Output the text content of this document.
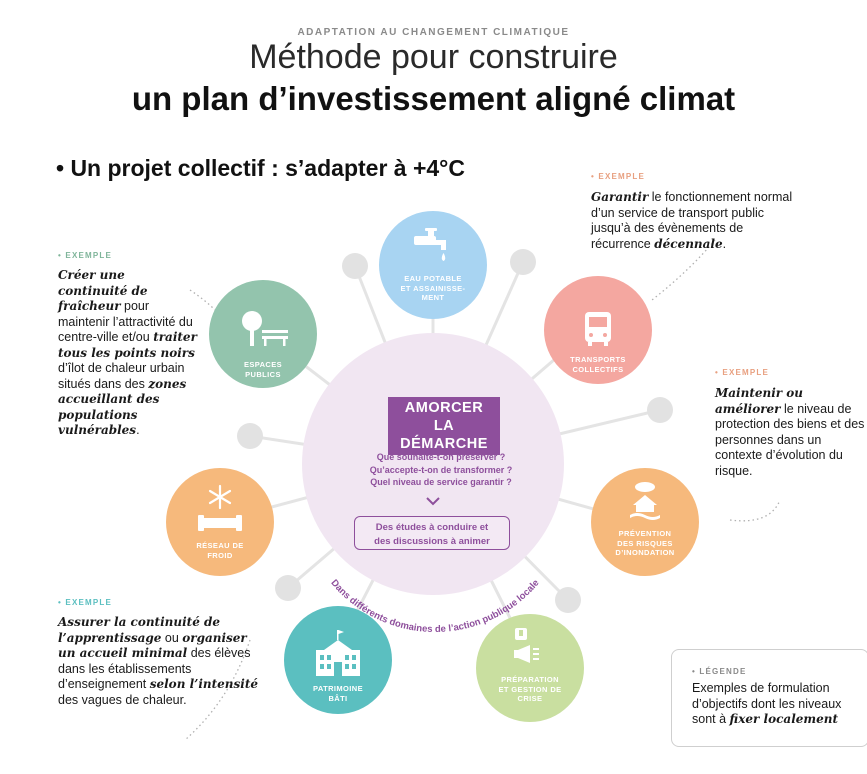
ADAPTATION AU CHANGEMENT CLIMATIQUE
Méthode pour construire
un plan d’investissement aligné climat
• Un projet collectif : s’adapter à +4°C
Dans différents domaines de l’action publique locale
EAU POTABLE
ET ASSAINISSE-
MENT
TRANSPORTS
COLLECTIFS
PRÉVENTION
DES RISQUES
D’INONDATION
PRÉPARATION
ET GESTION DE
CRISE
PATRIMOINE
BÂTI
RÉSEAU DE
FROID
ESPACES
PUBLICS
AMORCER
LA DÉMARCHE
Que souhaite-t-on préserver ?
Qu’accepte-t-on de transformer ?
Quel niveau de service garantir ?
Des études à conduire et
des discussions à animer
• EXEMPLE
Garantir le fonctionnement normal d’un service de transport public jusqu’à des évènements de récurrence décennale.
• EXEMPLE
Maintenir ou améliorer le niveau de protection des biens et des personnes dans un contexte d’évolution du risque.
• EXEMPLE
Créer une continuité de fraîcheur pour maintenir l’attractivité du centre-ville et/ou traiter tous les points noirs d’îlot de chaleur urbain situés dans des zones accueillant des populations vulnérables.
• EXEMPLE
Assurer la continuité de l’apprentissage ou organiser un accueil minimal des élèves dans les établissements d’enseignement selon l’intensité des vagues de chaleur.
• LÉGENDE
Exemples de formulation d’objectifs dont les niveaux sont à fixer localement
